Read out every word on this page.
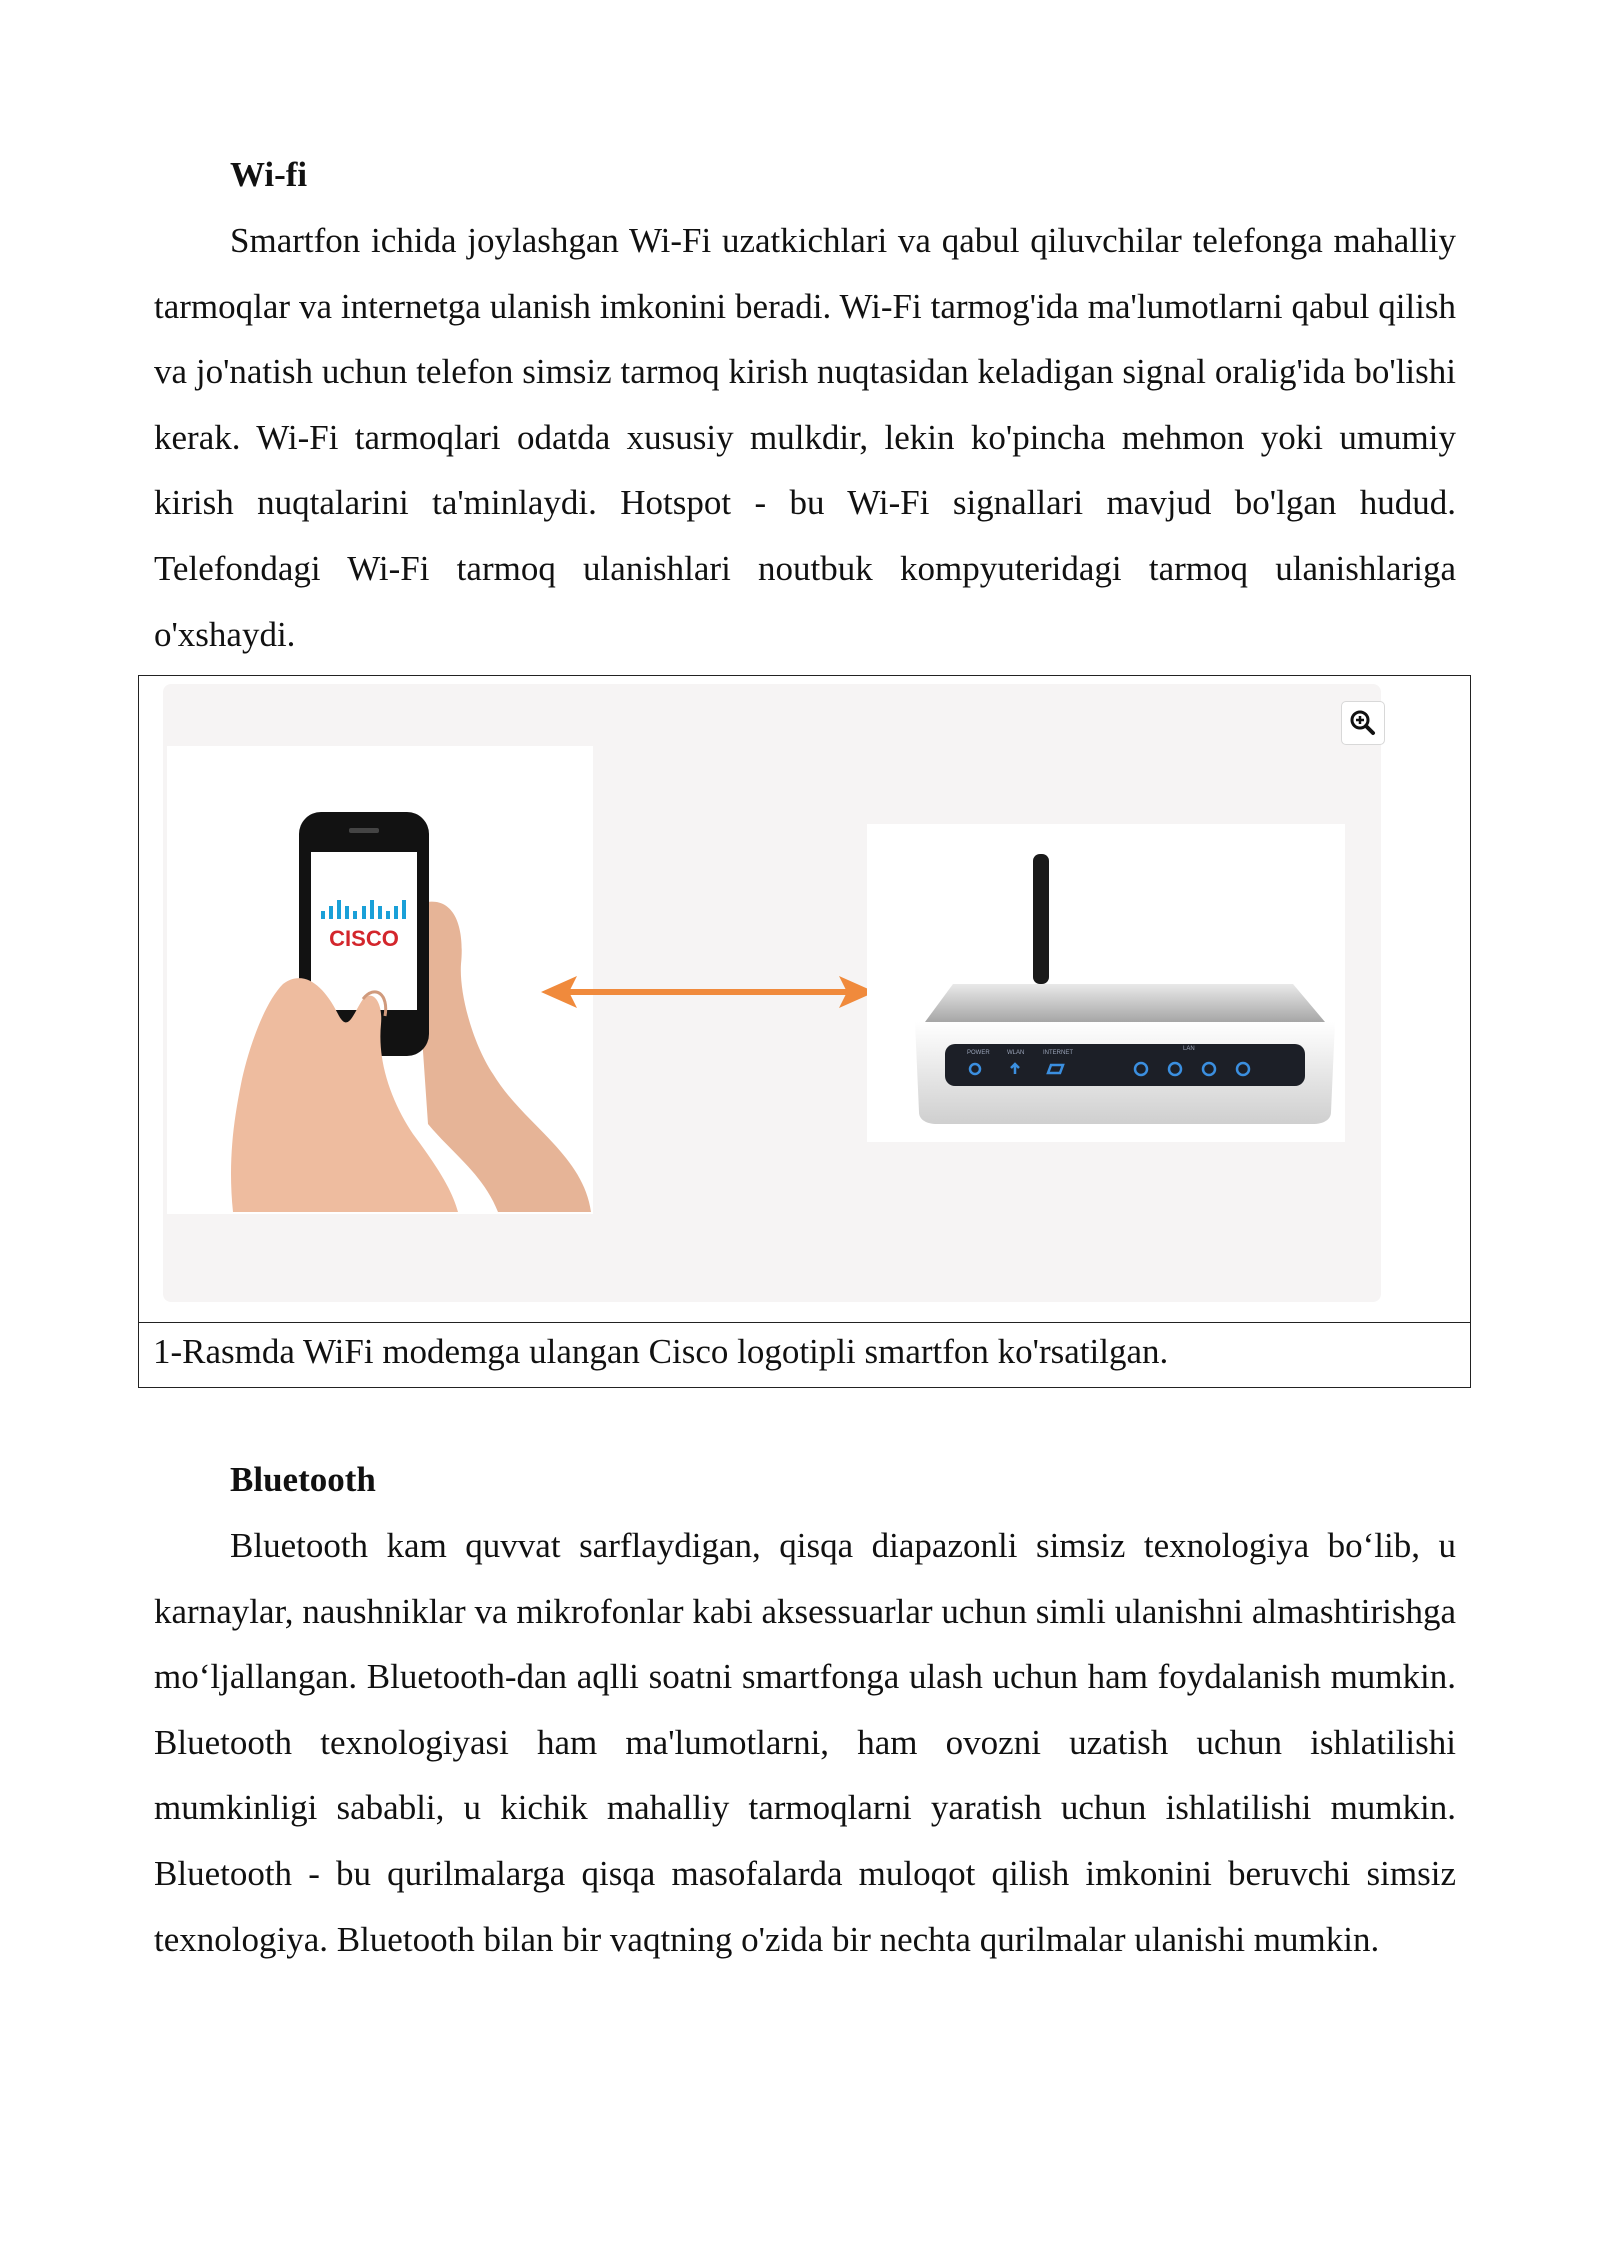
Wi-fi

Smartfon ichida joylashgan Wi-Fi uzatkichlari va qabul qiluvchilar telefonga mahalliy tarmoqlar va internetga ulanish imkonini beradi. Wi-Fi tarmog'ida ma'lumotlarni qabul qilish va jo'natish uchun telefon simsiz tarmoq kirish nuqtasidan keladigan signal oralig'ida bo'lishi kerak. Wi-Fi tarmoqlari odatda xususiy mulkdir, lekin ko'pincha mehmon yoki umumiy kirish nuqtalarini ta'minlaydi. Hotspot - bu Wi-Fi signallari mavjud bo'lgan hudud. Telefondagi Wi-Fi tarmoq ulanishlari noutbuk kompyuteridagi tarmoq ulanishlariga o'xshaydi.

Bluetooth

Bluetooth kam quvvat sarflaydigan, qisqa diapazonli simsiz texnologiya bo‘lib, u karnaylar, naushniklar va mikrofonlar kabi aksessuarlar uchun simli ulanishni almashtirishga mo‘ljallangan. Bluetooth-dan aqlli soatni smartfonga ulash uchun ham foydalanish mumkin. Bluetooth texnologiyasi ham ma'lumotlarni, ham ovozni uzatish uchun ishlatilishi mumkinligi sababli, u kichik mahalliy tarmoqlarni yaratish uchun ishlatilishi mumkin. Bluetooth - bu qurilmalarga qisqa masofalarda muloqot qilish imkonini beruvchi simsiz texnologiya. Bluetooth bilan bir vaqtning o'zida bir nechta qurilmalar ulanishi mumkin.

CISCO
POWER	WLAN	INTERNET
LAN
1-Rasmda WiFi modemga ulangan Cisco logotipli smartfon ko'rsatilgan.
